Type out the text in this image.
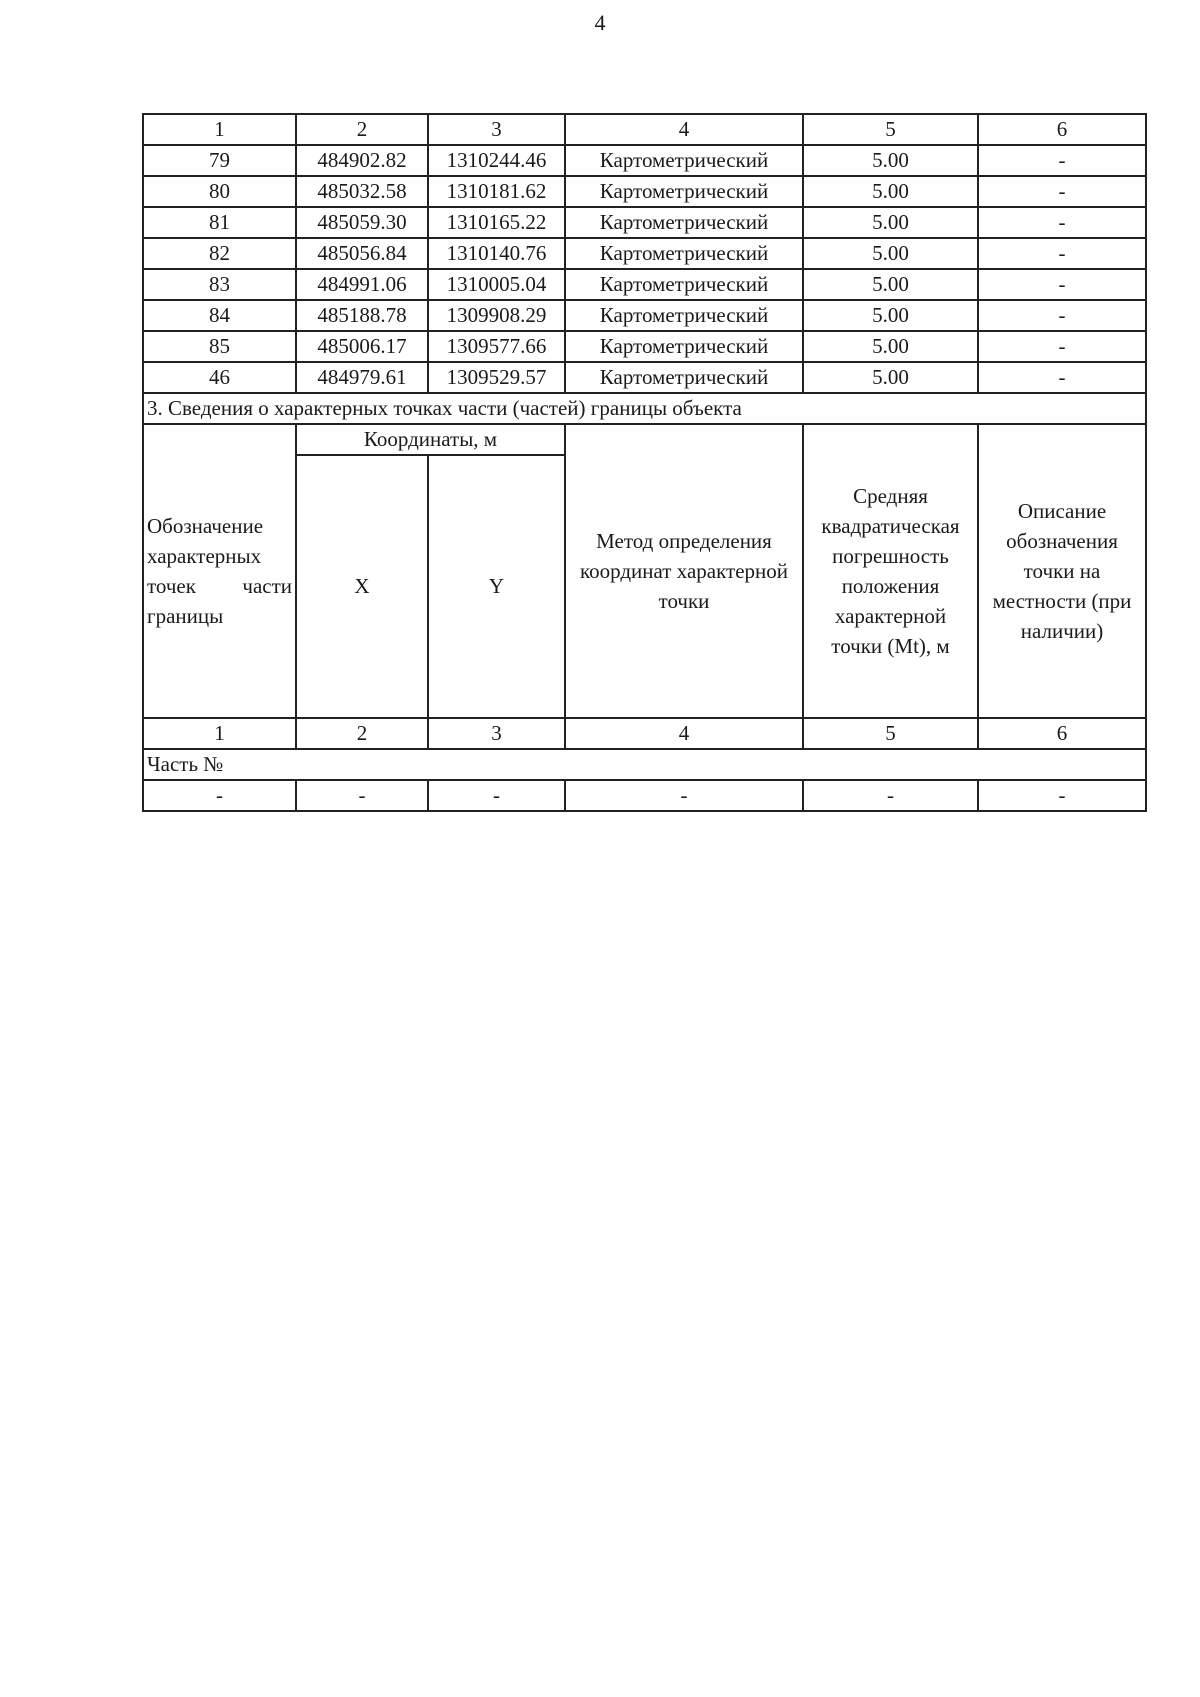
4
1	2	3	4	5	6
79	484902.82	1310244.46	Картометрический	5.00	-
80	485032.58	1310181.62	Картометрический	5.00	-
81	485059.30	1310165.22	Картометрический	5.00	-
82	485056.84	1310140.76	Картометрический	5.00	-
83	484991.06	1310005.04	Картометрический	5.00	-
84	485188.78	1309908.29	Картометрический	5.00	-
85	485006.17	1309577.66	Картометрический	5.00	-
46	484979.61	1309529.57	Картометрический	5.00	-
3. Сведения о характерных точках части (частей) границы объекта					

Обозначение
характерных
точек части
границы	Координаты, м		Метод определения координат характерной точки	Средняя квадратическая погрешность положения характерной точки (Mt), м	Описание обозначения точки на местности (при наличии)
	X	Y			
1	2	3	4	5	6
Часть №					
-	-	-	-	-	-
